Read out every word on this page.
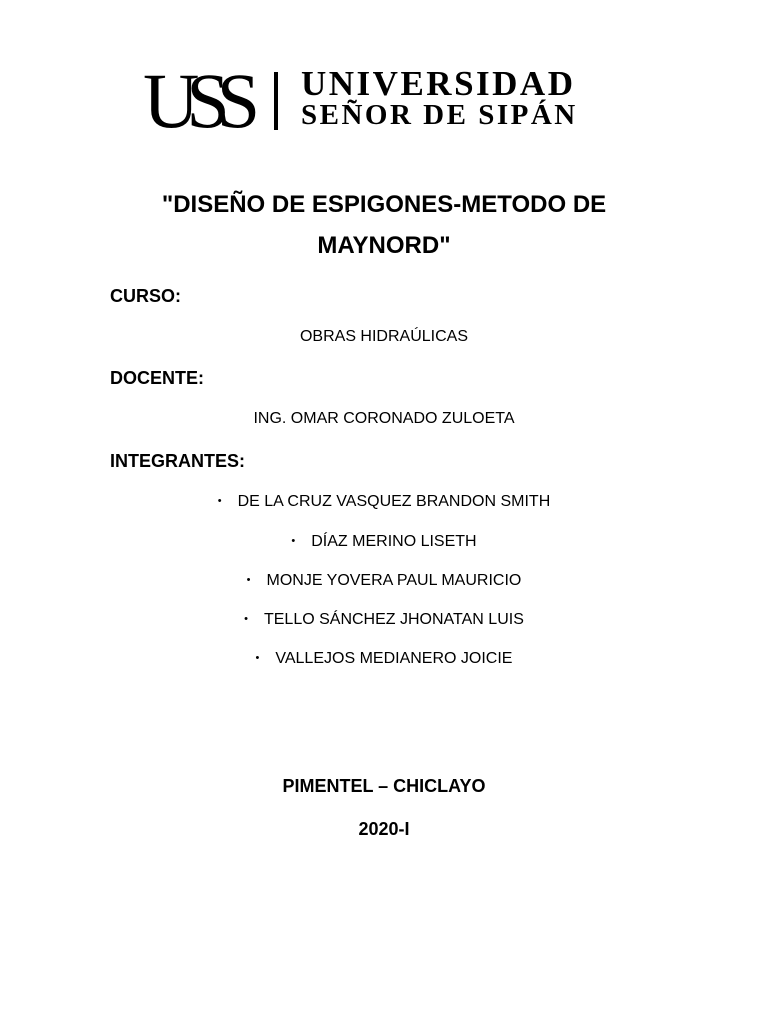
USS UNIVERSIDAD
SEÑOR DE SIPÁN
"DISEÑO DE ESPIGONES-METODO DE
MAYNORD"
CURSO:
OBRAS HIDRAÚLICAS
DOCENTE:
ING. OMAR CORONADO ZULOETA
INTEGRANTES:
• DE LA CRUZ VASQUEZ BRANDON SMITH
• DÍAZ MERINO LISETH
• MONJE YOVERA PAUL MAURICIO
• TELLO SÁNCHEZ JHONATAN LUIS
• VALLEJOS MEDIANERO JOICIE
PIMENTEL – CHICLAYO
2020-I
